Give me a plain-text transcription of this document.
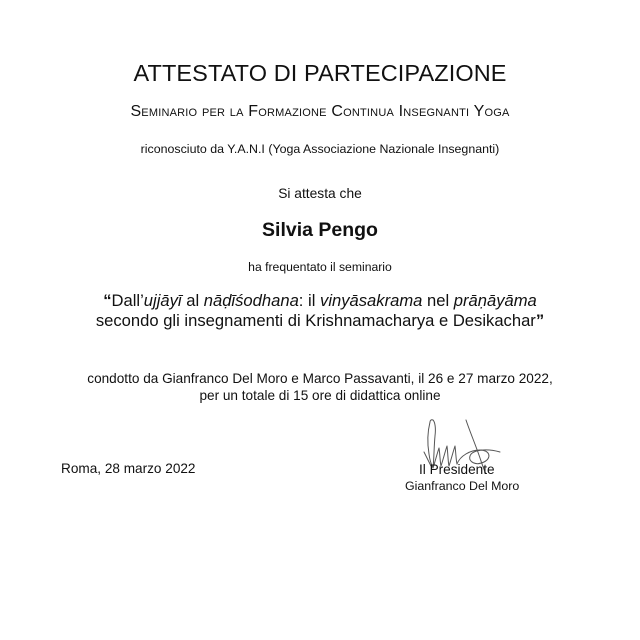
ATTESTATO DI PARTECIPAZIONE
Seminario per la Formazione Continua Insegnanti Yoga
riconosciuto da Y.A.N.I (Yoga Associazione Nazionale Insegnanti)
Si attesta che
Silvia Pengo
ha frequentato il seminario
“Dall’ujjāyī al nāḍīśodhana: il vinyāsakrama nel prāṇāyāma
secondo gli insegnamenti di Krishnamacharya e Desikachar”
condotto da Gianfranco Del Moro e Marco Passavanti, il 26 e 27 marzo 2022,
per un totale di 15 ore di didattica online
Roma, 28 marzo 2022	Il Presidente
Gianfranco Del Moro
